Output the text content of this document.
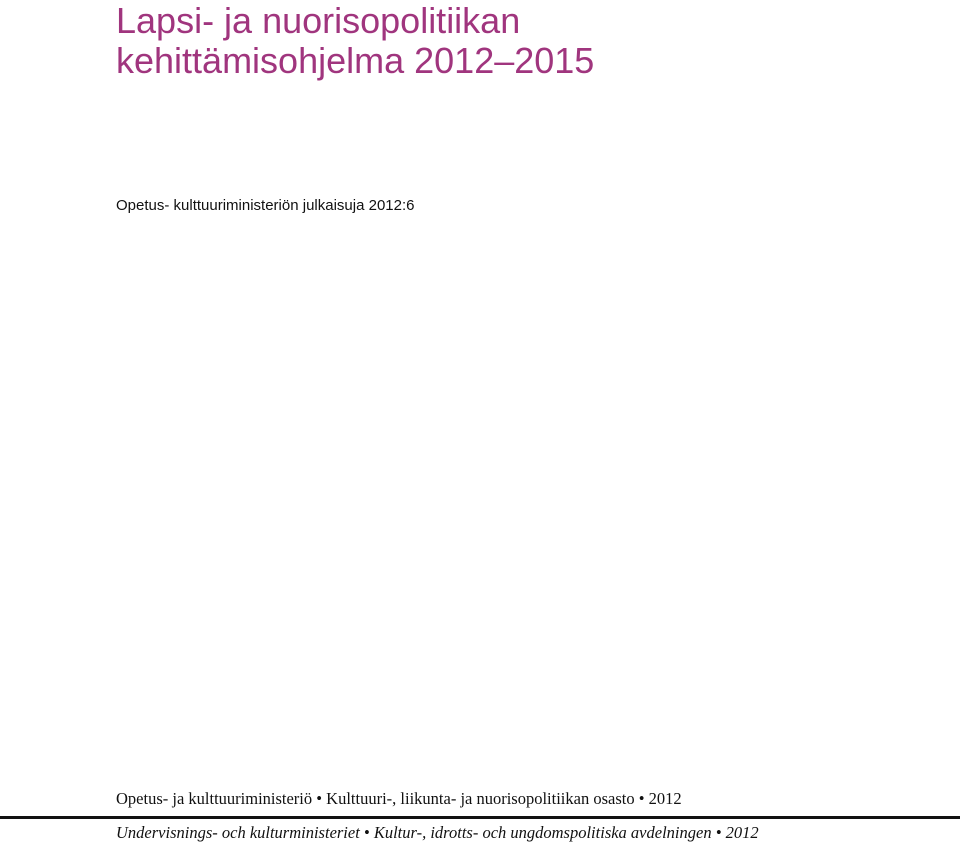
Lapsi- ja nuorisopolitiikan
kehittämisohjelma 2012–2015

Opetus- kulttuuriministeriön julkaisuja 2012:6

Opetus- ja kulttuuriministeriö • Kulttuuri-, liikunta- ja nuorisopolitiikan osasto • 2012

Undervisnings- och kulturministeriet • Kultur-, idrotts- och ungdomspolitiska avdelningen • 2012
